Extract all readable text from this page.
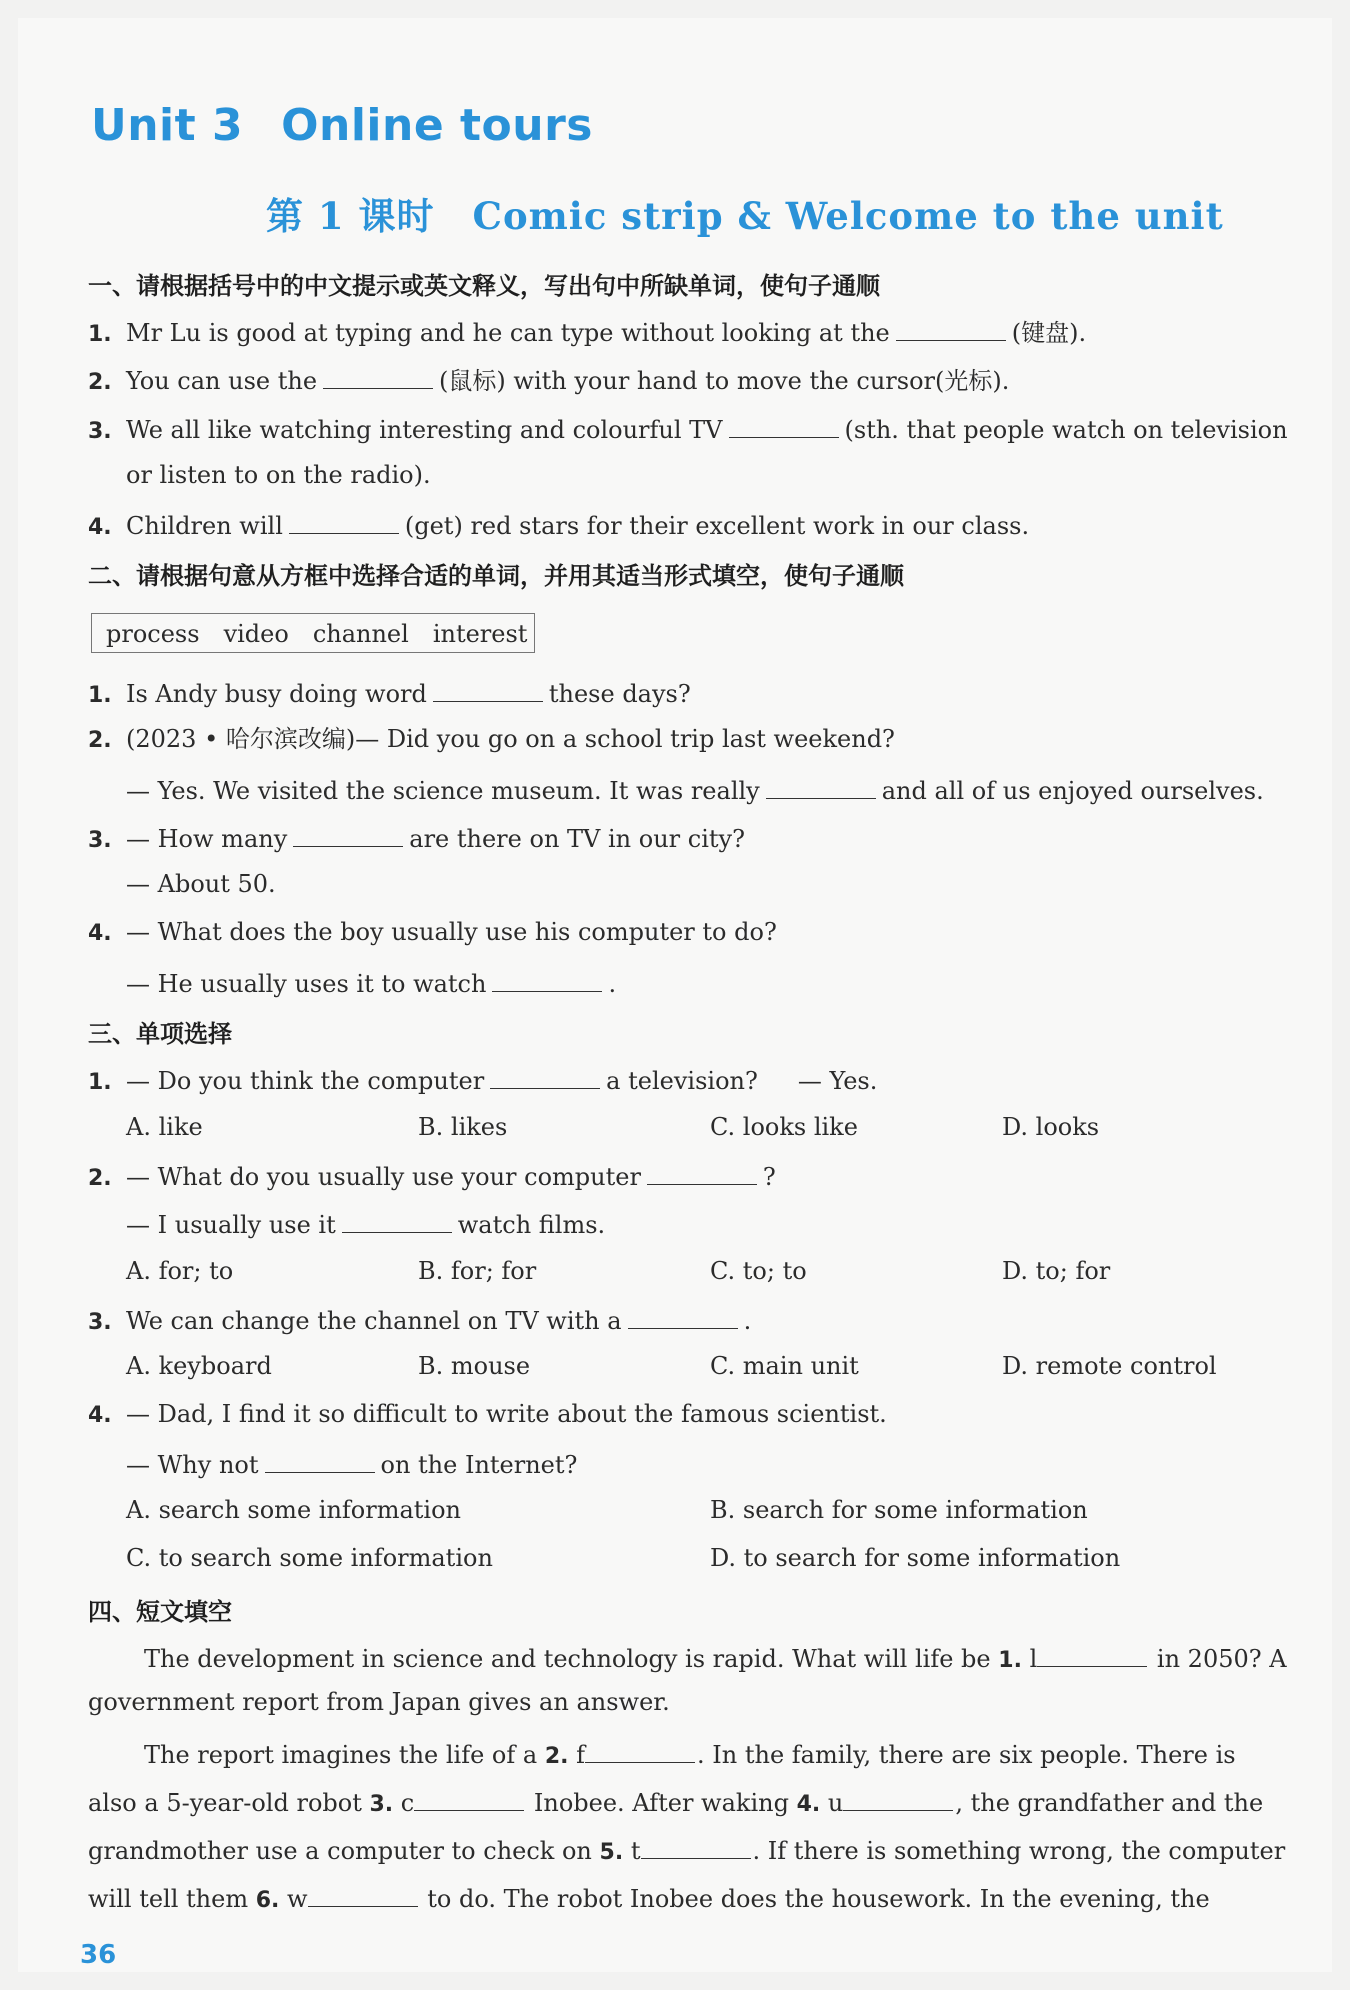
Unit 3 Online tours
第 1 课时 Comic strip & Welcome to the unit
一、请根据括号中的中文提示或英文释义，写出句中所缺单词，使句子通顺
1. Mr Lu is good at typing and he can type without looking at the	(键盘).
2. You can use the	(鼠标) with your hand to move the cursor(光标).
3. We all like watching interesting and colourful TV	(sth. that people watch on television
or listen to on the radio).
4. Children will	(get) red stars for their excellent work in our class.
二、请根据句意从方框中选择合适的单词，并用其适当形式填空，使句子通顺
process video channel interest
1. Is Andy busy doing word	these days?
2. (2023 • 哈尔滨改编)— Did you go on a school trip last weekend?
— Yes. We visited the science museum. It was really	and all of us enjoyed ourselves.
3. — How many	are there on TV in our city?
— About 50.
4. — What does the boy usually use his computer to do?
— He usually uses it to watch	.
三、单项选择
1. — Do you think the computer	a television? — Yes.
A. like	B. likes	C. looks like	D. looks
2. — What do you usually use your computer	?
— I usually use it	watch films.
A. for; to	B. for; for	C. to; to	D. to; for
3. We can change the channel on TV with a	.
A. keyboard	B. mouse	C. main unit	D. remote control
4. — Dad, I find it so difficult to write about the famous scientist.
— Why not	on the Internet?
A. search some information	B. search for some information
C. to search some information	D. to search for some information
四、短文填空
The development in science and technology is rapid. What will life be 1. l	in 2050? A
government report from Japan gives an answer.
The report imagines the life of a 2. f	. In the family, there are six people. There is
also a 5-year-old robot 3. c	Inobee. After waking 4. u	, the grandfather and the
grandmother use a computer to check on 5. t	. If there is something wrong, the computer
will tell them 6. w	to do. The robot Inobee does the housework. In the evening, the
36
